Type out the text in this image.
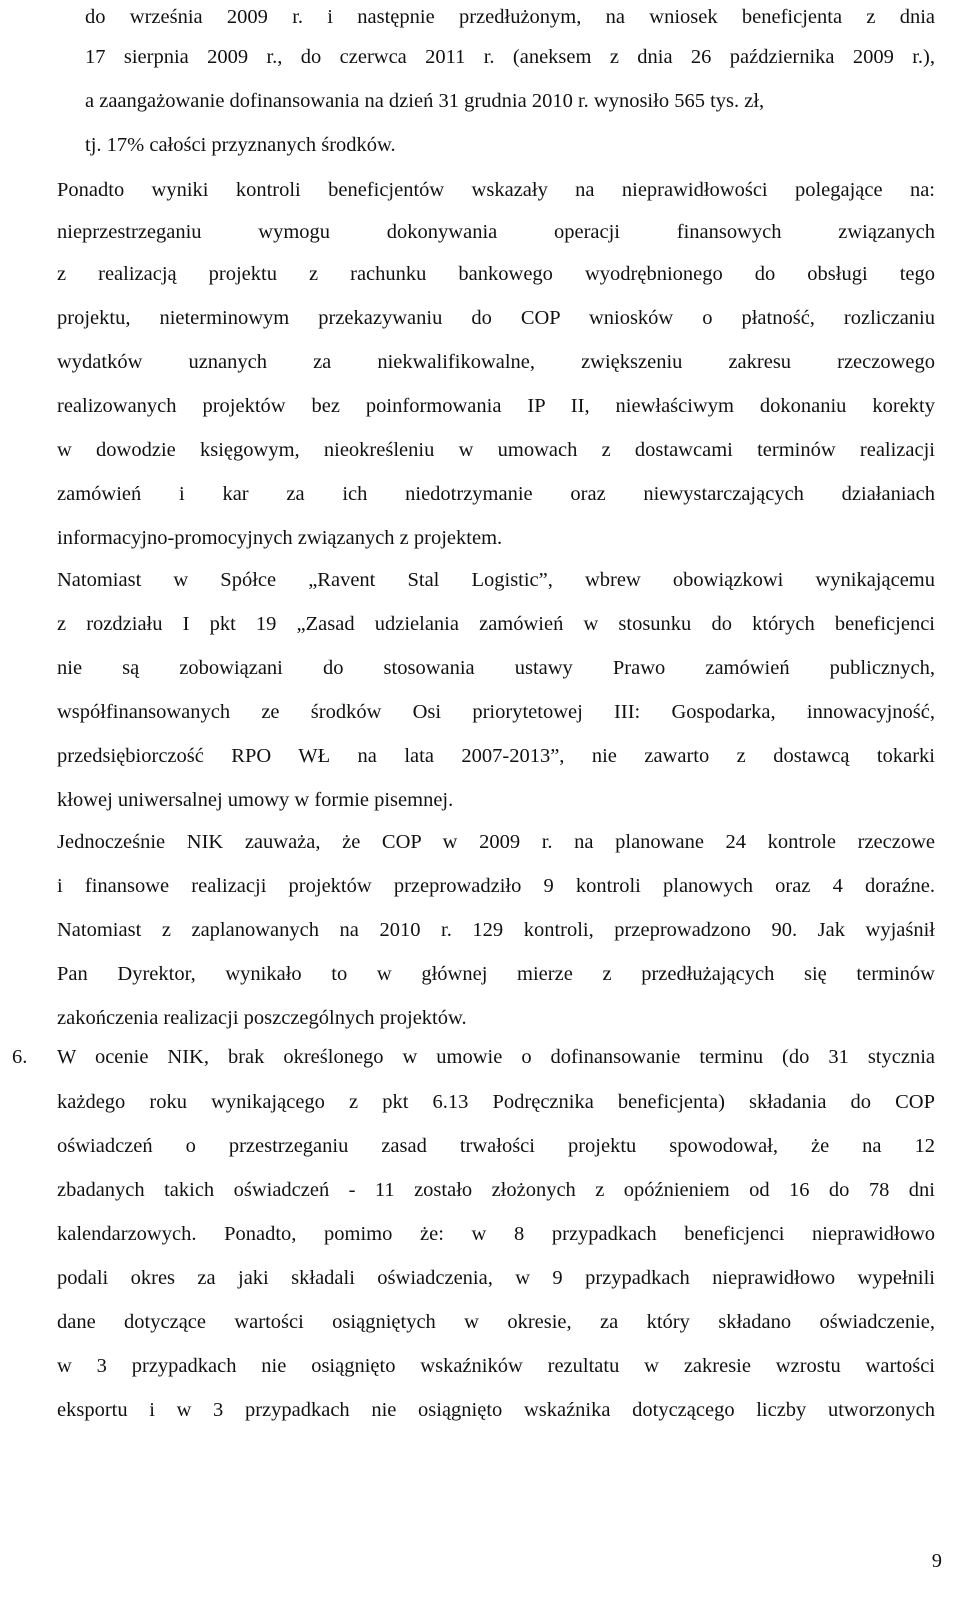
do września 2009 r. i następnie przedłużonym, na wniosek beneficjenta z dnia
17 sierpnia 2009 r., do czerwca 2011 r. (aneksem z dnia 26 października 2009 r.),
a zaangażowanie dofinansowania na dzień 31 grudnia 2010 r. wynosiło 565 tys. zł,
tj. 17% całości przyznanych środków.
Ponadto wyniki kontroli beneficjentów wskazały na nieprawidłowości polegające na:
nieprzestrzeganiu wymogu dokonywania operacji finansowych związanych
z realizacją projektu z rachunku bankowego wyodrębnionego do obsługi tego
projektu, nieterminowym przekazywaniu do COP wniosków o płatność, rozliczaniu
wydatków uznanych za niekwalifikowalne, zwiększeniu zakresu rzeczowego
realizowanych projektów bez poinformowania IP II, niewłaściwym dokonaniu korekty
w dowodzie księgowym, nieokreśleniu w umowach z dostawcami terminów realizacji
zamówień i kar za ich niedotrzymanie oraz niewystarczających działaniach
informacyjno-promocyjnych związanych z projektem.
Natomiast w Spółce „Ravent Stal Logistic”, wbrew obowiązkowi wynikającemu
z rozdziału I pkt 19 „Zasad udzielania zamówień w stosunku do których beneficjenci
nie są zobowiązani do stosowania ustawy Prawo zamówień publicznych,
współfinansowanych ze środków Osi priorytetowej III: Gospodarka, innowacyjność,
przedsiębiorczość RPO WŁ na lata 2007-2013”, nie zawarto z dostawcą tokarki
kłowej uniwersalnej umowy w formie pisemnej.
Jednocześnie NIK zauważa, że COP w 2009 r. na planowane 24 kontrole rzeczowe
i finansowe realizacji projektów przeprowadziło 9 kontroli planowych oraz 4 doraźne.
Natomiast z zaplanowanych na 2010 r. 129 kontroli, przeprowadzono 90. Jak wyjaśnił
Pan Dyrektor, wynikało to w głównej mierze z przedłużających się terminów
zakończenia realizacji poszczególnych projektów.
6. W ocenie NIK, brak określonego w umowie o dofinansowanie terminu (do 31 stycznia
każdego roku wynikającego z pkt 6.13 Podręcznika beneficjenta) składania do COP
oświadczeń o przestrzeganiu zasad trwałości projektu spowodował, że na 12
zbadanych takich oświadczeń - 11 zostało złożonych z opóźnieniem od 16 do 78 dni
kalendarzowych. Ponadto, pomimo że: w 8 przypadkach beneficjenci nieprawidłowo
podali okres za jaki składali oświadczenia, w 9 przypadkach nieprawidłowo wypełnili
dane dotyczące wartości osiągniętych w okresie, za który składano oświadczenie,
w 3 przypadkach nie osiągnięto wskaźników rezultatu w zakresie wzrostu wartości
eksportu i w 3 przypadkach nie osiągnięto wskaźnika dotyczącego liczby utworzonych
9
